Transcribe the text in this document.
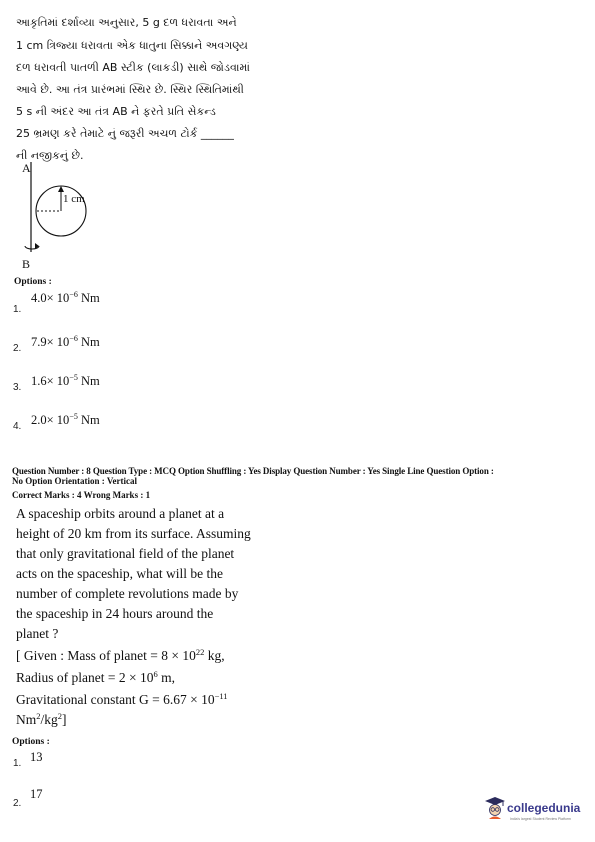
આકૃતિમાં દર્શાવ્યા અનુસાર, 5 g દળ ધરાવતા અને
1 cm ત્રિજ્યા ધરાવતા એક ધાતુના સિક્કાને અવગણ્ય
દળ ધરાવતી પાતળી AB સ્ટીક (લાકડી) સાથે જોડવામાં
આવે છે. આ તંત્ર પ્રારંભમાં સ્થિર છે. સ્થિર સ્થિતિમાંથી
5 s ની અંદર આ તંત્ર AB ને ફરતે પ્રતિ સેકન્ડ
25 ભ્રમણ કરે તેમાટે નું જરૂરી અચળ ટોર્ક ______
ની નજીકનું છે.
A
B
1 cm
Options :
1.
$4.0\times 10^{-6}$ Nm
2. $7.9\times 10^{-6}$ Nm
3. $1.6\times 10^{-5}$ Nm
4. $2.0\times 10^{-5}$ Nm
Question Number : 8 Question Type : MCQ Option Shuffling : Yes Display Question Number : Yes Single Line Question Option :
No Option Orientation : Vertical
Correct Marks : 4 Wrong Marks : 1
A spaceship orbits around a planet at a
height of 20 km from its surface. Assuming
that only gravitational field of the planet
acts on the spaceship, what will be the
number of complete revolutions made by
the spaceship in 24 hours around the
planet ?
[ Given : Mass of planet = $8 \times 10^{22}$ kg,
Radius of planet = $2 \times 10^6$ m,
Gravitational constant $G = 6.67 \times 10^{-11}$
$Nm^2/kg^2$]
Options :
1. 13
2.
17
collegedunia
India's largest Student Review Platform
